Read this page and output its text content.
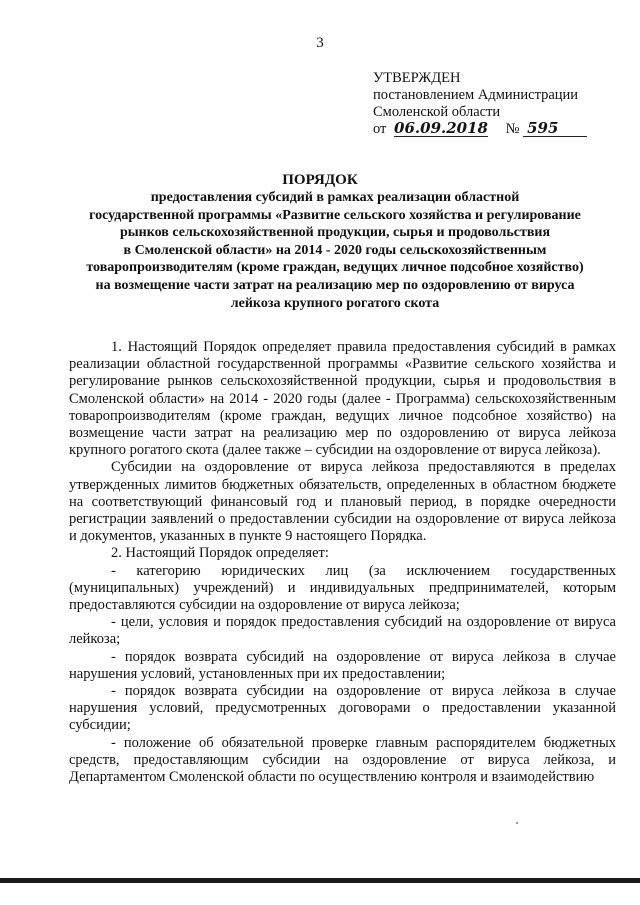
3
УТВЕРЖДЕН
постановлением Администрации
Смоленской области
от 06.09.2018 № 595
ПОРЯДОК
предоставления субсидий в рамках реализации областной
государственной программы «Развитие сельского хозяйства и регулирование
рынков сельскохозяйственной продукции, сырья и продовольствия
в Смоленской области» на 2014 - 2020 годы сельскохозяйственным
товаропроизводителям (кроме граждан, ведущих личное подсобное хозяйство)
на возмещение части затрат на реализацию мер по оздоровлению от вируса
лейкоза крупного рогатого скота

1. Настоящий Порядок определяет правила предоставления субсидий в рамках реализации областной государственной программы «Развитие сельского хозяйства и регулирование рынков сельскохозяйственной продукции, сырья и продовольствия в Смоленской области» на 2014 - 2020 годы (далее - Программа) сельскохозяйственным товаропроизводителям (кроме граждан, ведущих личное подсобное хозяйство) на возмещение части затрат на реализацию мер по оздоровлению от вируса лейкоза крупного рогатого скота (далее также – субсидии на оздоровление от вируса лейкоза).

Субсидии на оздоровление от вируса лейкоза предоставляются в пределах утвержденных лимитов бюджетных обязательств, определенных в областном бюджете на соответствующий финансовый год и плановый период, в порядке очередности регистрации заявлений о предоставлении субсидии на оздоровление от вируса лейкоза и документов, указанных в пункте 9 настоящего Порядка.

2. Настоящий Порядок определяет:

- категорию юридических лиц (за исключением государственных (муниципальных) учреждений) и индивидуальных предпринимателей, которым предоставляются субсидии на оздоровление от вируса лейкоза;

- цели, условия и порядок предоставления субсидий на оздоровление от вируса лейкоза;

- порядок возврата субсидий на оздоровление от вируса лейкоза в случае нарушения условий, установленных при их предоставлении;

- порядок возврата субсидии на оздоровление от вируса лейкоза в случае нарушения условий, предусмотренных договорами о предоставлении указанной субсидии;

- положение об обязательной проверке главным распорядителем бюджетных средств, предоставляющим субсидии на оздоровление от вируса лейкоза, и Департаментом Смоленской области по осуществлению контроля и взаимодействию
